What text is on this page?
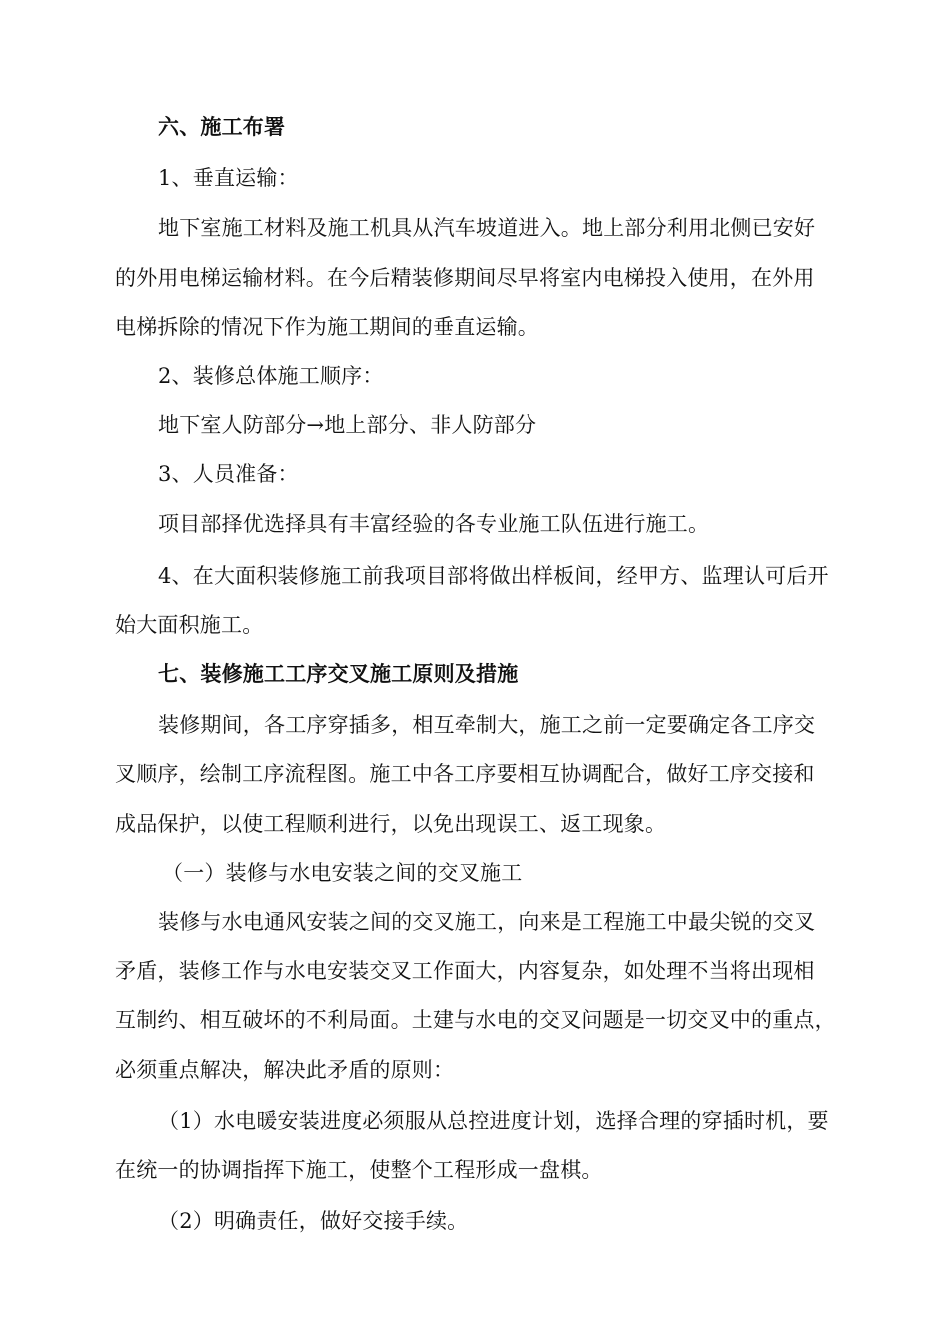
六、施工布署
1、垂直运输：
地下室施工材料及施工机具从汽车坡道进入。地上部分利用北侧已安好
的外用电梯运输材料。在今后精装修期间尽早将室内电梯投入使用，在外用
电梯拆除的情况下作为施工期间的垂直运输。
2、装修总体施工顺序：
地下室人防部分→地上部分、非人防部分
3、人员准备：
项目部择优选择具有丰富经验的各专业施工队伍进行施工。
4、在大面积装修施工前我项目部将做出样板间，经甲方、监理认可后开
始大面积施工。
七、装修施工工序交叉施工原则及措施
装修期间，各工序穿插多，相互牵制大，施工之前一定要确定各工序交
叉顺序，绘制工序流程图。施工中各工序要相互协调配合，做好工序交接和
成品保护，以使工程顺利进行，以免出现误工、返工现象。
（一）装修与水电安装之间的交叉施工
装修与水电通风安装之间的交叉施工，向来是工程施工中最尖锐的交叉
矛盾，装修工作与水电安装交叉工作面大，内容复杂，如处理不当将出现相
互制约、相互破坏的不利局面。土建与水电的交叉问题是一切交叉中的重点，
必须重点解决，解决此矛盾的原则：
（1）水电暖安装进度必须服从总控进度计划，选择合理的穿插时机，要
在统一的协调指挥下施工，使整个工程形成一盘棋。
（2）明确责任，做好交接手续。
